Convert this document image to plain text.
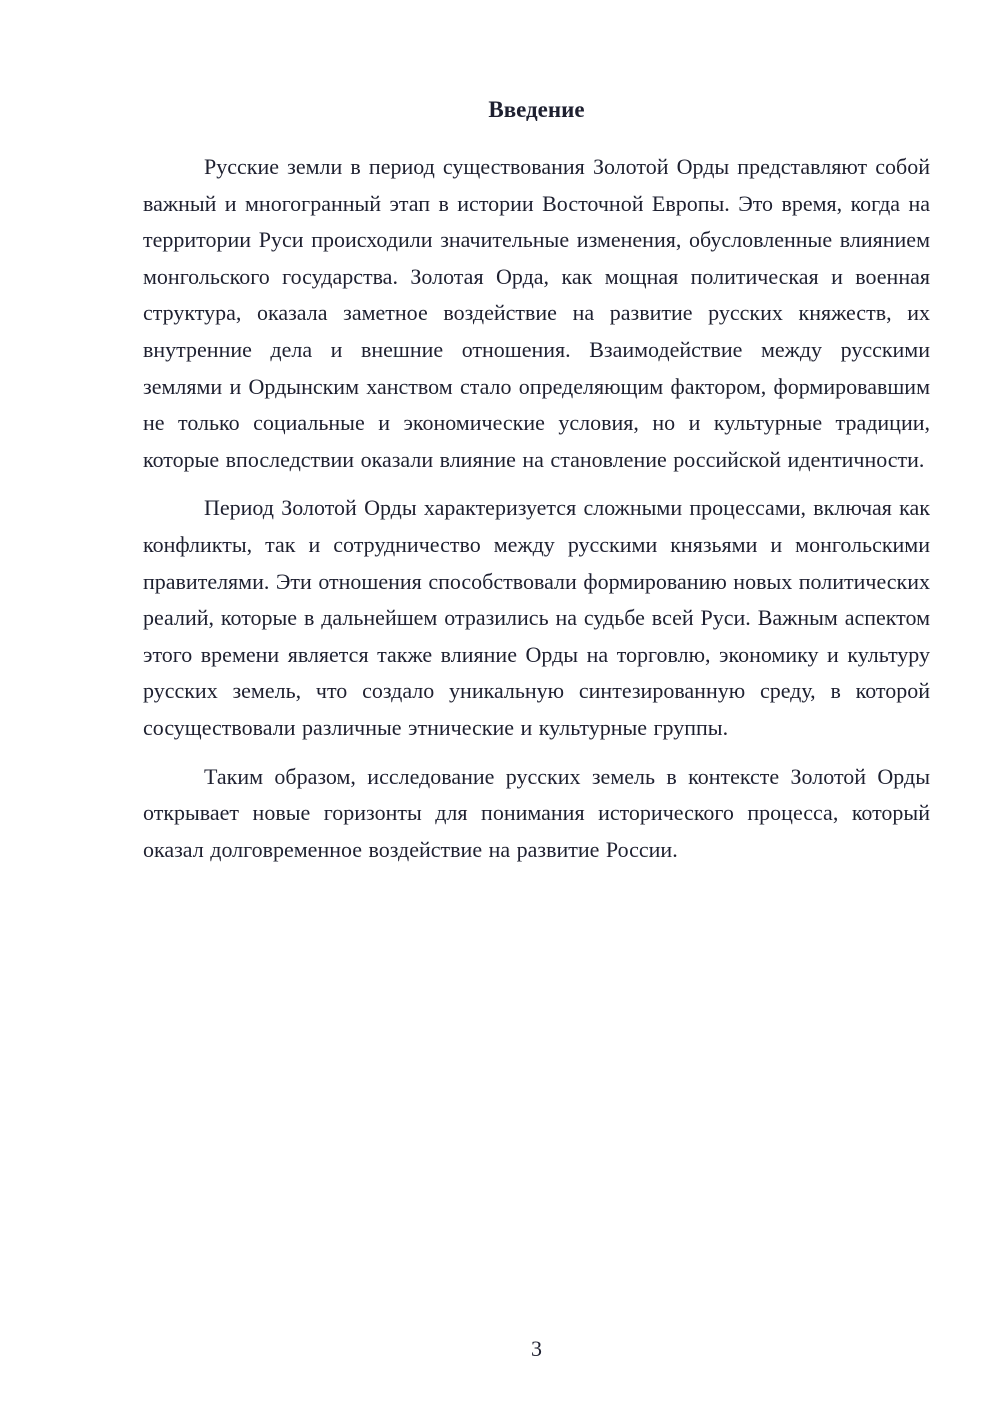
Введение

Русские земли в период существования Золотой Орды представляют собой важный и многогранный этап в истории Восточной Европы. Это время, когда на территории Руси происходили значительные изменения, обусловленные влиянием монгольского государства. Золотая Орда, как мощная политическая и военная структура, оказала заметное воздействие на развитие русских княжеств, их внутренние дела и внешние отношения. Взаимодействие между русскими землями и Ордынским ханством стало определяющим фактором, формировавшим не только социальные и экономические условия, но и культурные традиции, которые впоследствии оказали влияние на становление российской идентичности.

Период Золотой Орды характеризуется сложными процессами, включая как конфликты, так и сотрудничество между русскими князьями и монгольскими правителями. Эти отношения способствовали формированию новых политических реалий, которые в дальнейшем отразились на судьбе всей Руси. Важным аспектом этого времени является также влияние Орды на торговлю, экономику и культуру русских земель, что создало уникальную синтезированную среду, в которой сосуществовали различные этнические и культурные группы.

Таким образом, исследование русских земель в контексте Золотой Орды открывает новые горизонты для понимания исторического процесса, который оказал долговременное воздействие на развитие России.

3
